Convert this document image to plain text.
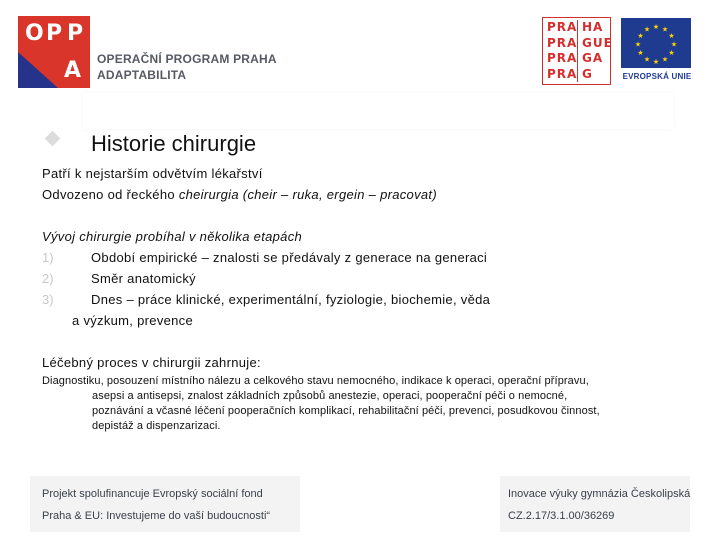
O P P
A OPERAČNÍ PROGRAM PRAHA
ADAPTABILITA
PRA HA
PRA GUE
PRA GA
PRA G
★ ★
★
★
★
★
★
★
★
★
★
★
EVROPSKÁ UNIE
Historie chirurgie
Patří k nejstarším odvětvím lékařství
Odvozeno od řeckého cheirurgia (cheir – ruka, ergein – pracovat)
Vývoj chirurgie probíhal v několika etapách
1)	Období empirické – znalosti se předávaly z generace na generaci
2)	Směr anatomický
3)	Dnes – práce klinické, experimentální, fyziologie, biochemie, věda
a výzkum, prevence
Léčebný proces v chirurgii zahrnuje:
Diagnostiku, posouzení místního nálezu a celkového stavu nemocného, indikace k operaci, operační přípravu,
asepsi a antisepsi, znalost základních způsobů anestezie, operaci, pooperační péči o nemocné,
poznávání a včasné léčení pooperačních komplikací, rehabilitační péči, prevenci, posudkovou činnost,
depistáž a dispenzarizaci.
Projekt spolufinancuje Evropský sociální fond
Praha & EU: Investujeme do vaší budoucnosti“
Inovace výuky gymnázia Českolipská
CZ.2.17/3.1.00/36269
